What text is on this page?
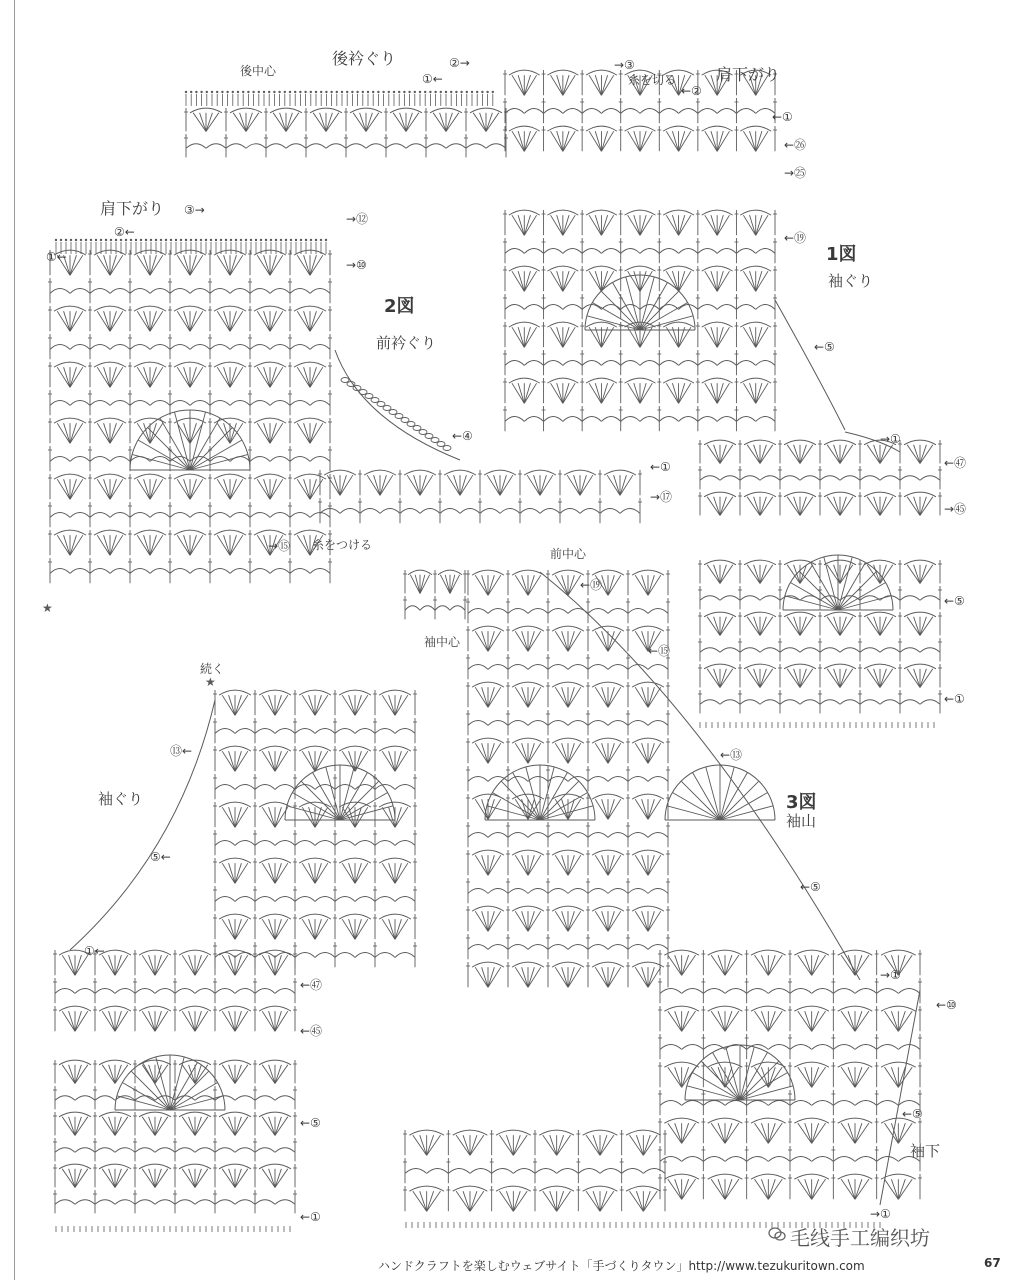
★
★
後衿ぐり
後中心
②→
①←
→③
糸を切る 肩下がり
←②
←①
←㉖
→㉕
←⑲
1図
袖ぐり
←⑤
→①
←㊼
→㊺
←⑤
←①
肩下がり ③→
②←
①←
→⑫
→⑩
2図
前衿ぐり
←④
←①
→⑰
→⑮ 糸をつける
前中心
←⑲
袖中心
←⑮
←⑬
3図
袖山
←⑤
→①
←⑩
←⑤
袖下
→①
続く
⑬←
袖ぐり
⑤←
①←
←㊼
←㊺
←⑤
←①
毛线手工编织坊
ハンドクラフトを楽しむウェブサイト「手づくりタウン」http://www.tezukuritown.com	67
